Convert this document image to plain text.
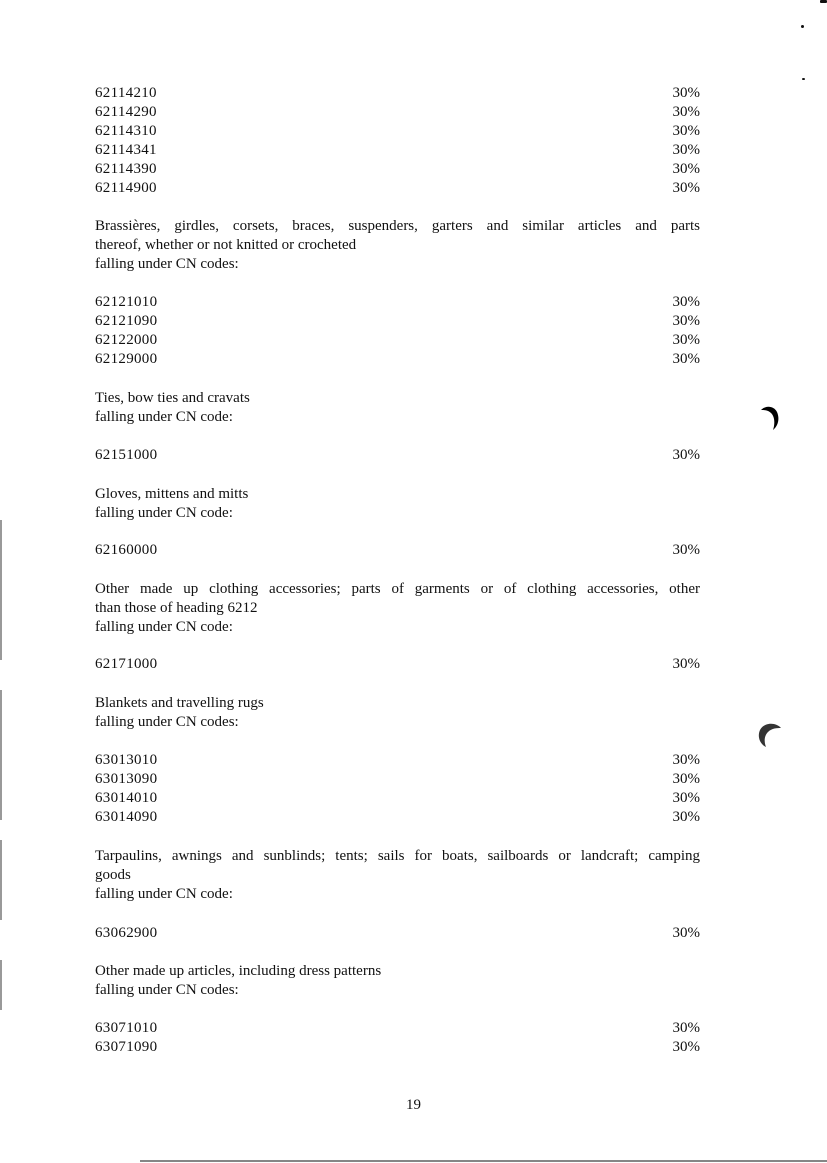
62114210	30%
62114290	30%
62114310	30%
62114341	30%
62114390	30%
62114900	30%
Brassières, girdles, corsets, braces, suspenders, garters and similar articles and parts
thereof, whether or not knitted or crocheted
falling under CN codes:
62121010	30%
62121090	30%
62122000	30%
62129000	30%
Ties, bow ties and cravats
falling under CN code:
62151000	30%
Gloves, mittens and mitts
falling under CN code:
62160000	30%
Other made up clothing accessories; parts of garments or of clothing accessories, other
than those of heading 6212
falling under CN code:
62171000	30%
Blankets and travelling rugs
falling under CN codes:
63013010	30%
63013090	30%
63014010	30%
63014090	30%
Tarpaulins, awnings and sunblinds; tents; sails for boats, sailboards or landcraft; camping
goods
falling under CN code:
63062900	30%
Other made up articles, including dress patterns
falling under CN codes:
63071010	30%
63071090	30%
19
